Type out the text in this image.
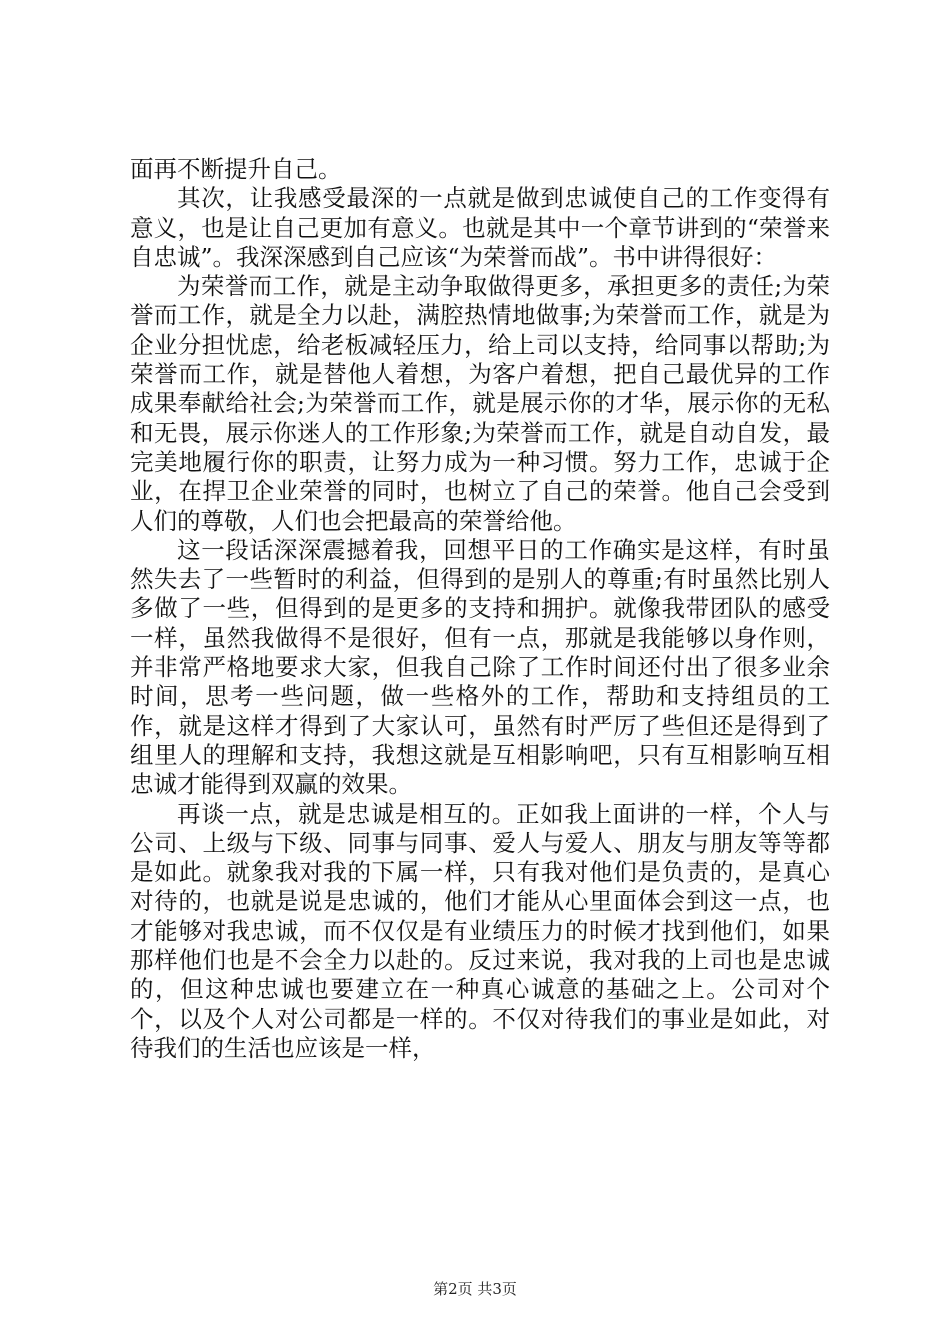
面再不断提升自己。

其次，让我感受最深的一点就是做到忠诚使自己的工作变得有意义，也是让自己更加有意义。也就是其中一个章节讲到的“荣誉来自忠诚”。我深深感到自己应该“为荣誉而战”。书中讲得很好：

为荣誉而工作，就是主动争取做得更多，承担更多的责任;为荣誉而工作，就是全力以赴，满腔热情地做事;为荣誉而工作，就是为企业分担忧虑，给老板减轻压力，给上司以支持，给同事以帮助;为荣誉而工作，就是替他人着想，为客户着想，把自己最优异的工作成果奉献给社会;为荣誉而工作，就是展示你的才华，展示你的无私和无畏，展示你迷人的工作形象;为荣誉而工作，就是自动自发，最完美地履行你的职责，让努力成为一种习惯。努力工作，忠诚于企业，在捍卫企业荣誉的同时，也树立了自己的荣誉。他自己会受到人们的尊敬，人们也会把最高的荣誉给他。

这一段话深深震撼着我，回想平日的工作确实是这样，有时虽然失去了一些暂时的利益，但得到的是别人的尊重;有时虽然比别人多做了一些，但得到的是更多的支持和拥护。就像我带团队的感受一样，虽然我做得不是很好，但有一点，那就是我能够以身作则，并非常严格地要求大家，但我自己除了工作时间还付出了很多业余时间，思考一些问题，做一些格外的工作，帮助和支持组员的工作，就是这样才得到了大家认可，虽然有时严厉了些但还是得到了组里人的理解和支持，我想这就是互相影响吧，只有互相影响互相忠诚才能得到双赢的效果。

再谈一点，就是忠诚是相互的。正如我上面讲的一样，个人与公司、上级与下级、同事与同事、爱人与爱人、朋友与朋友等等都是如此。就象我对我的下属一样，只有我对他们是负责的，是真心对待的，也就是说是忠诚的，他们才能从心里面体会到这一点，也才能够对我忠诚，而不仅仅是有业绩压力的时候才找到他们，如果那样他们也是不会全力以赴的。反过来说，我对我的上司也是忠诚的，但这种忠诚也要建立在一种真心诚意的基础之上。公司对个个，以及个人对公司都是一样的。不仅对待我们的事业是如此，对待我们的生活也应该是一样，

第2页 共3页
